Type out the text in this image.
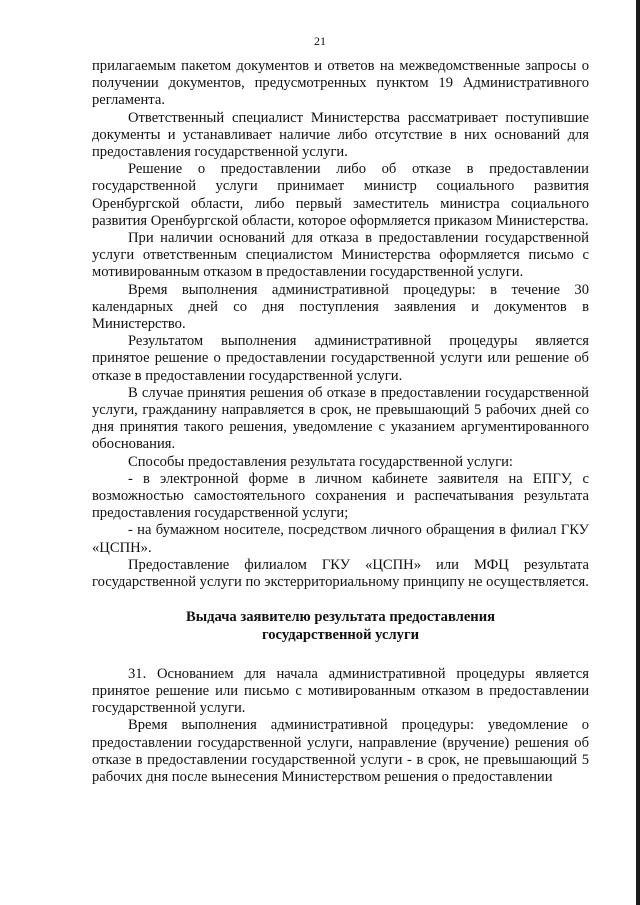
21

прилагаемым пакетом документов и ответов на межведомственные запросы о получении документов, предусмотренных пунктом 19 Административного регламента.

Ответственный специалист Министерства рассматривает поступившие документы и устанавливает наличие либо отсутствие в них оснований для предоставления государственной услуги.

Решение о предоставлении либо об отказе в предоставлении государственной услуги принимает министр социального развития Оренбургской области, либо первый заместитель министра социального развития Оренбургской области, которое оформляется приказом Министерства.

При наличии оснований для отказа в предоставлении государственной услуги ответственным специалистом Министерства оформляется письмо с мотивированным отказом в предоставлении государственной услуги.

Время выполнения административной процедуры: в течение 30 календарных дней со дня поступления заявления и документов в Министерство.

Результатом выполнения административной процедуры является принятое решение о предоставлении государственной услуги или решение об отказе в предоставлении государственной услуги.

В случае принятия решения об отказе в предоставлении государственной услуги, гражданину направляется в срок, не превышающий 5 рабочих дней со дня принятия такого решения, уведомление с указанием аргументированного обоснования.

Способы предоставления результата государственной услуги:

- в электронной форме в личном кабинете заявителя на ЕПГУ, с возможностью самостоятельного сохранения и распечатывания результата предоставления государственной услуги;

- на бумажном носителе, посредством личного обращения в филиал ГКУ «ЦСПН».

Предоставление филиалом ГКУ «ЦСПН» или МФЦ результата государственной услуги по экстерриториальному принципу не осуществляется.

Выдача заявителю результата предоставления
государственной услуги

31. Основанием для начала административной процедуры является принятое решение или письмо с мотивированным отказом в предоставлении государственной услуги.

Время выполнения административной процедуры: уведомление о предоставлении государственной услуги, направление (вручение) решения об отказе в предоставлении государственной услуги - в срок, не превышающий 5 рабочих дня после вынесения Министерством решения о предоставлении
